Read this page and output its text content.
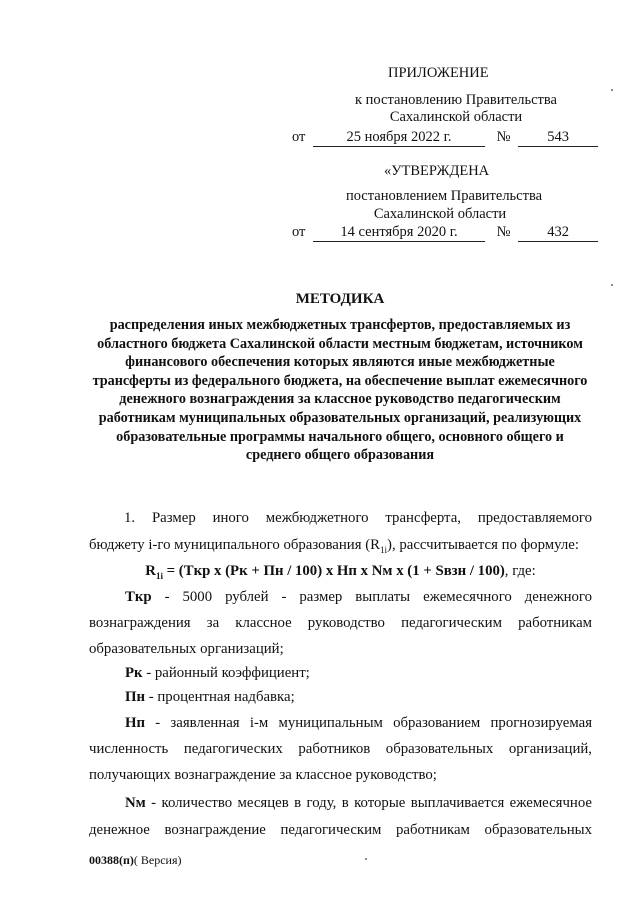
ПРИЛОЖЕНИЕ
к постановлению Правительства
Сахалинской области
от	25 ноября 2022 г.	№	543
«УТВЕРЖДЕНА
постановлением Правительства
Сахалинской области
от 14 сентября 2020 г.	№	432
МЕТОДИКА
распределения иных межбюджетных трансфертов, предоставляемых из областного бюджета Сахалинской области местным бюджетам, источником финансового обеспечения которых являются иные межбюджетные трансферты из федерального бюджета, на обеспечение выплат ежемесячного денежного вознаграждения за классное руководство педагогическим работникам муниципальных образовательных организаций, реализующих образовательные программы начального общего, основного общего и среднего общего образования
1. Размер иного межбюджетного трансферта, предоставляемого
бюджету i-го муниципального образования $(R_{1i})$, рассчитывается по формуле:
$R_{1i} = (Tкр$ x (Pк + Пн / 100) x Hп x Nм x (1 + Sвзн / 100), где:
Tкр - 5000 рублей - размер выплаты ежемесячного денежного
вознаграждения за классное руководство педагогическим работникам
образовательных организаций;
Pк - районный коэффициент;
Пн - процентная надбавка;
Hп - заявленная i-м муниципальным образованием прогнозируемая
численность педагогических работников образовательных организаций,
получающих вознаграждение за классное руководство;
Nм - количество месяцев в году, в которые выплачивается ежемесячное
денежное вознаграждение педагогическим работникам образовательных
00388(п)( Версия)
